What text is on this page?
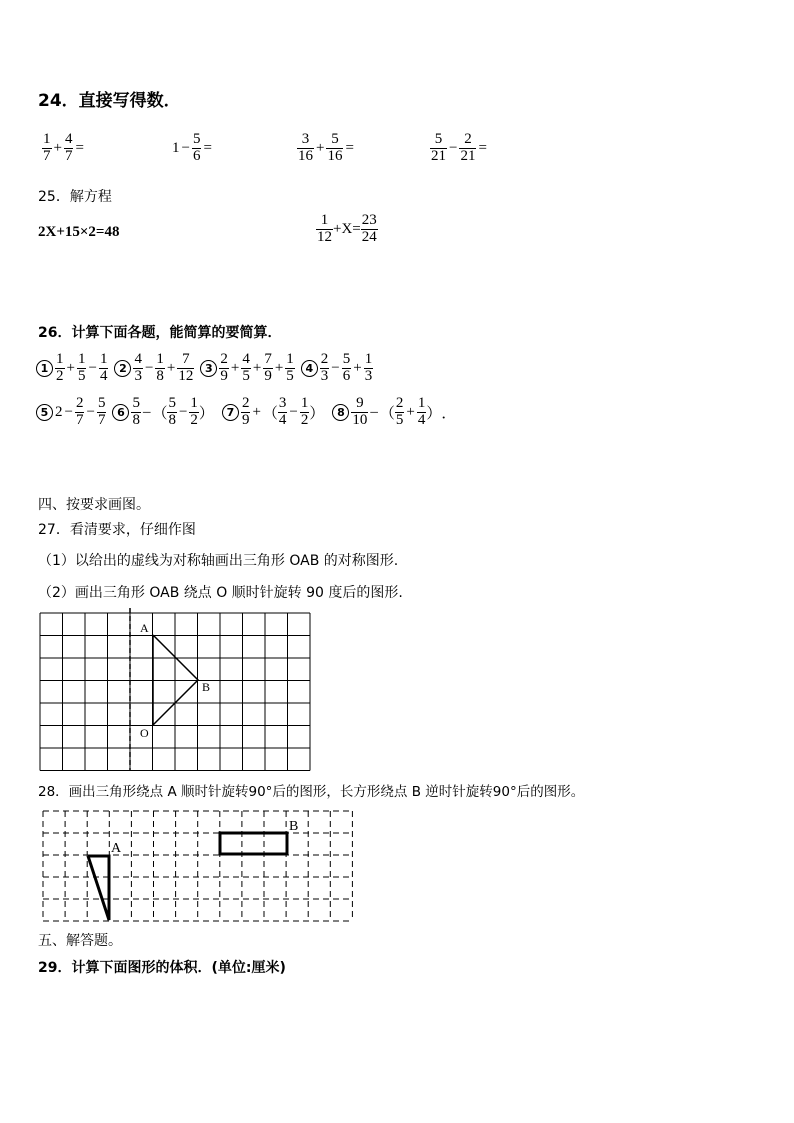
24．直接写得数．
$\frac{1}{7} + \frac{4}{7}$ =	$1 - \frac{5}{6}$ =	$\frac{3}{16} + \frac{5}{16}$ =	$\frac{5}{21} - \frac{2}{21}$ =
25．解方程
2X+15×2=48	$\frac{1}{12} +X= \frac{23}{24}$
26．计算下面各题，能简算的要简算．
$1 \frac{1}{2} + \frac{1}{5} - \frac{1}{4} 2 \frac{4}{3} - \frac{1}{8} + \frac{7}{12} 3 \frac{2}{9} + \frac{4}{5} + \frac{7}{9} + \frac{1}{5} 4 \frac{2}{3} - \frac{5}{6} + \frac{1}{3}$
5 $2 - \frac{2}{7} - \frac{5}{7} 6 \frac{5}{8}$ – （ $\frac{5}{8} - \frac{1}{2}$ ）	$7 \frac{2}{9}$ + （ $\frac{3}{4} - \frac{1}{2}$ ）	$8 \frac{9}{10}$ – （ $\frac{2}{5} + \frac{1}{4}$ ） ．
四、按要求画图。
27．看清要求，仔细作图
（1）以给出的虚线为对称轴画出三角形 OAB 的对称图形.
（2）画出三角形 OAB 绕点 O 顺时针旋转 90 度后的图形.
A
B
O
28．画出三角形绕点 A 顺时针旋转90°后的图形，长方形绕点 B 逆时针旋转90°后的图形。
A
B
五、解答题。
29．计算下面图形的体积．(单位:厘米)
